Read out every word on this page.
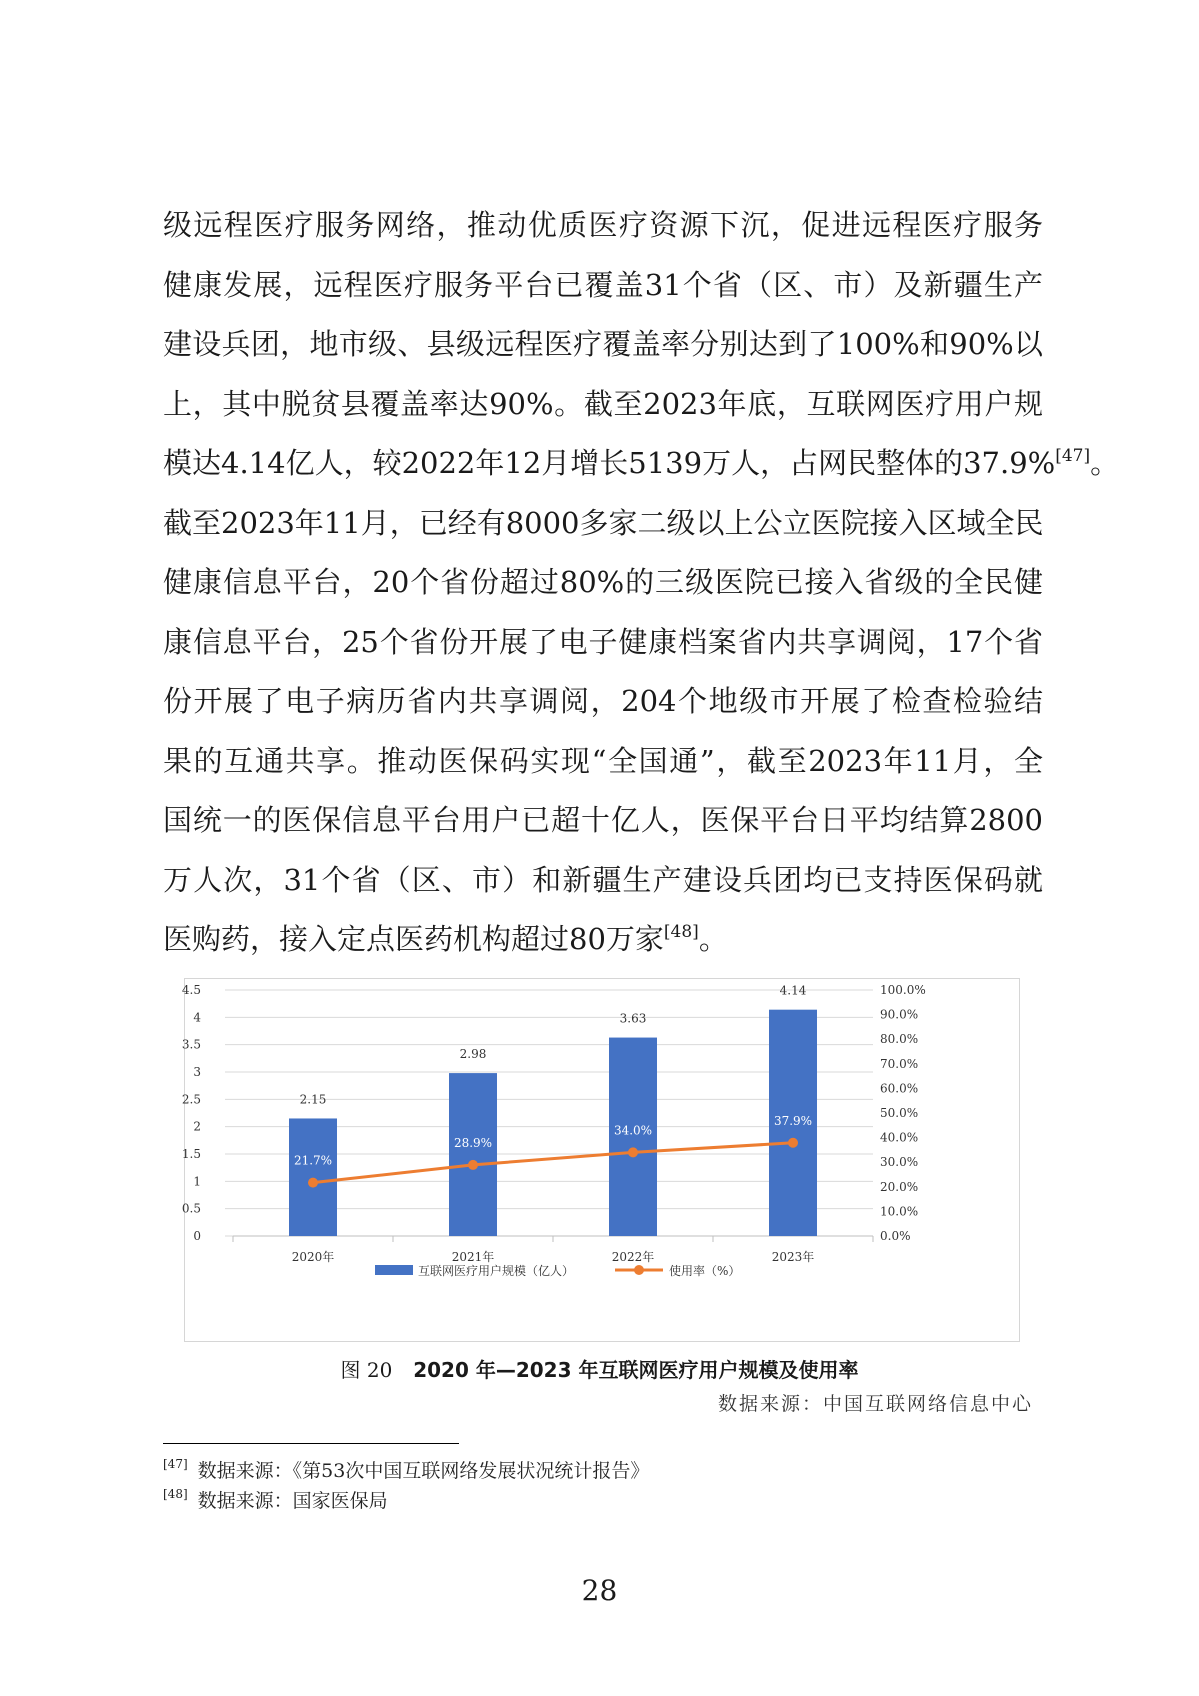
级远程医疗服务网络，推动优质医疗资源下沉，促进远程医疗服务
健康发展，远程医疗服务平台已覆盖31个省（区、市）及新疆生产
建设兵团，地市级、县级远程医疗覆盖率分别达到了100%和90%以
上，其中脱贫县覆盖率达90%。截至2023年底，互联网医疗用户规
模达4.14亿人，较2022年12月增长5139万人，占网民整体的37.9%[47]。
截至2023年11月，已经有8000多家二级以上公立医院接入区域全民
健康信息平台，20个省份超过80%的三级医院已接入省级的全民健
康信息平台，25个省份开展了电子健康档案省内共享调阅，17个省
份开展了电子病历省内共享调阅，204个地级市开展了检查检验结
果的互通共享。推动医保码实现“全国通”，截至2023年11月，全
国统一的医保信息平台用户已超十亿人，医保平台日平均结算2800
万人次，31个省（区、市）和新疆生产建设兵团均已支持医保码就
医购药，接入定点医药机构超过80万家[48]。
0
0.5
1
1.5
2
2.5
3
3.5
4
4.5
0.0%
10.0%
20.0%
30.0%
40.0%
50.0%
60.0%
70.0%
80.0%
90.0%
100.0%
2020年	2021年	2022年	2023年
2.15
2.98
3.63
4.14
21.7%
28.9%
34.0%
37.9%
互联网医疗用户规模（亿人）	使用率（%）
图 20 2020 年—2023 年互联网医疗用户规模及使用率
数据来源：中国互联网络信息中心
[47] 数据来源：《第53次中国互联网络发展状况统计报告》
[48] 数据来源：国家医保局
28
